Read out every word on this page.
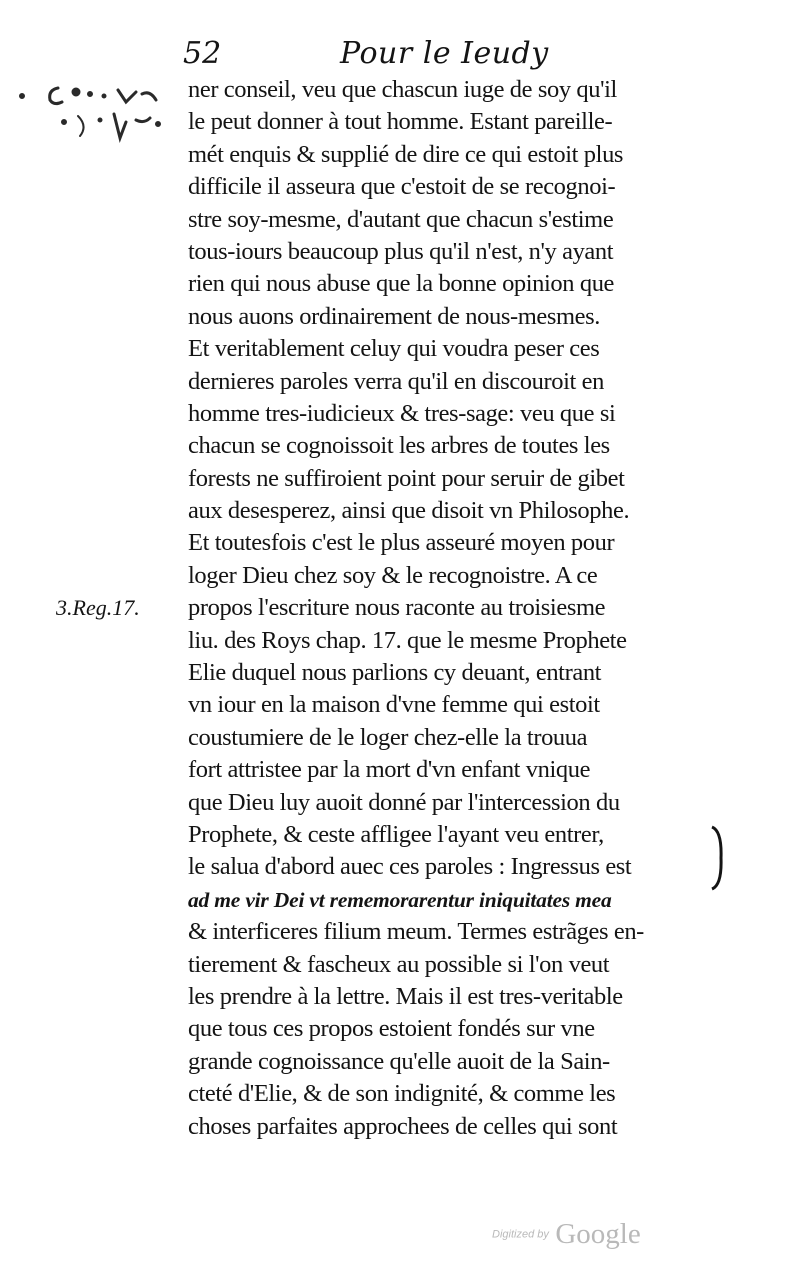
52	Pour le Ieudy
3.Reg.17.
ner conseil, veu que chascun iuge de soy qu'il
le peut donner à tout homme. Estant pareille-
mét enquis & supplié de dire ce qui estoit plus
difficile il asseura que c'estoit de se recognoi-
stre soy-mesme, d'autant que chacun s'estime
tous-iours beaucoup plus qu'il n'est, n'y ayant
rien qui nous abuse que la bonne opinion que
nous auons ordinairement de nous-mesmes.
Et veritablement celuy qui voudra peser ces
dernieres paroles verra qu'il en discouroit en
homme tres-iudicieux & tres-sage: veu que si
chacun se cognoissoit les arbres de toutes les
forests ne suffiroient point pour seruir de gibet
aux desesperez, ainsi que disoit vn Philosophe.
Et toutesfois c'est le plus asseuré moyen pour
loger Dieu chez soy & le recognoistre. A ce
propos l'escriture nous raconte au troisiesme
liu. des Roys chap. 17. que le mesme Prophete
Elie duquel nous parlions cy deuant, entrant
vn iour en la maison d'vne femme qui estoit
coustumiere de le loger chez-elle la trouua
fort attristee par la mort d'vn enfant vnique
que Dieu luy auoit donné par l'intercession du
Prophete, & ceste affligee l'ayant veu entrer,
le salua d'abord auec ces paroles : Ingressus est
ad me vir Dei vt rememorarentur iniquitates mea
& interficeres filium meum. Termes estrãges en-
tierement & fascheux au possible si l'on veut
les prendre à la lettre. Mais il est tres-veritable
que tous ces propos estoient fondés sur vne
grande cognoissance qu'elle auoit de la Sain-
cteté d'Elie, & de son indignité, & comme les
choses parfaites approchees de celles qui sont
Digitized by Google
